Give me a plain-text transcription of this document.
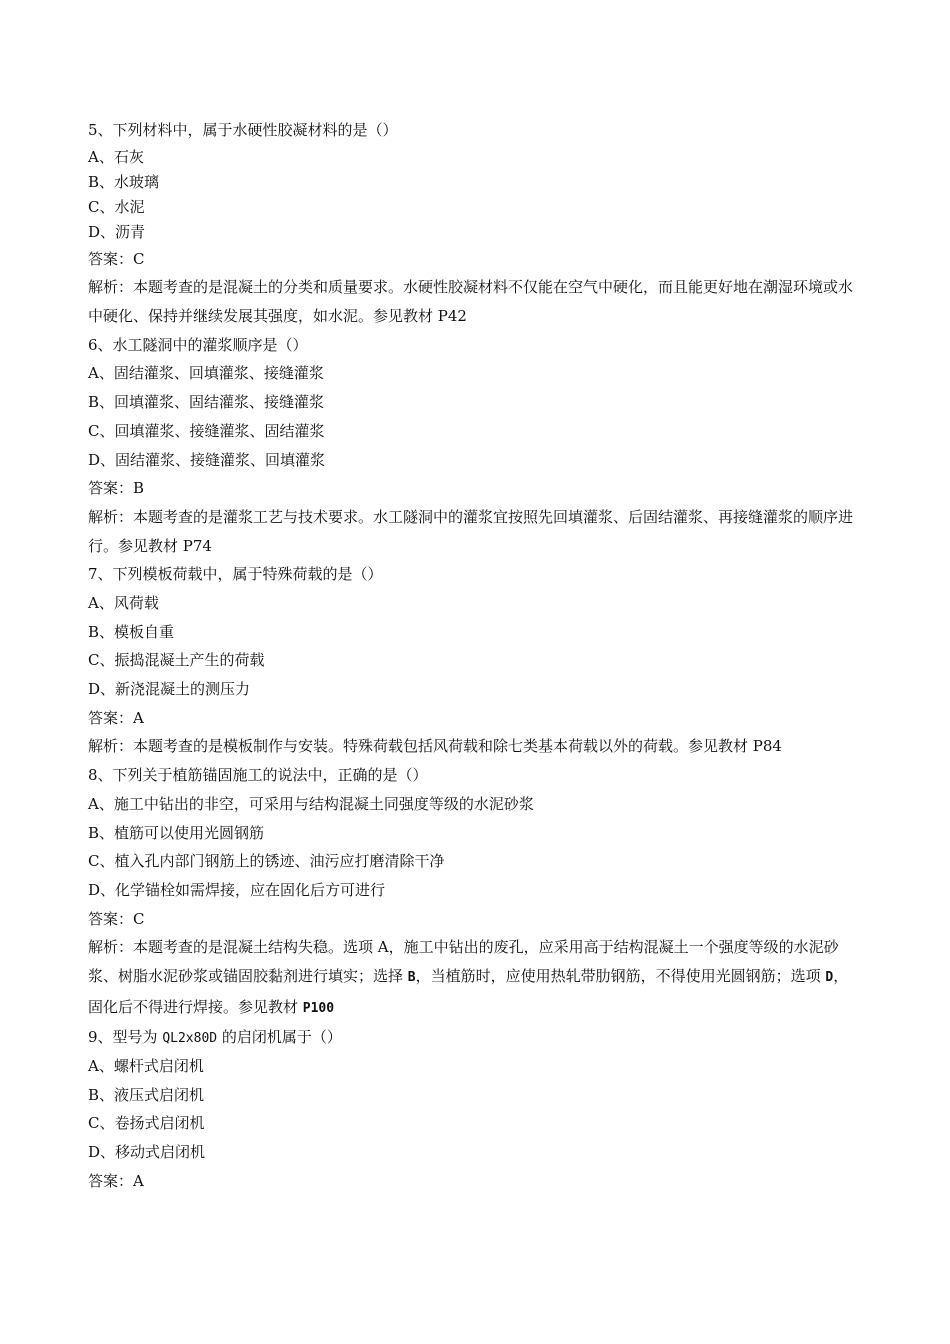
5、下列材料中，属于水硬性胶凝材料的是（）
A、石灰
B、水玻璃
C、水泥
D、沥青
答案：C
解析：本题考查的是混凝土的分类和质量要求。水硬性胶凝材料不仅能在空气中硬化，而且能更好地在潮湿环境或水中硬化、保持并继续发展其强度，如水泥。参见教材 P42
6、水工隧洞中的灌浆顺序是（）
A、固结灌浆、回填灌浆、接缝灌浆
B、回填灌浆、固结灌浆、接缝灌浆
C、回填灌浆、接缝灌浆、固结灌浆
D、固结灌浆、接缝灌浆、回填灌浆
答案：B
解析：本题考查的是灌浆工艺与技术要求。水工隧洞中的灌浆宜按照先回填灌浆、后固结灌浆、再接缝灌浆的顺序进行。参见教材 P74
7、下列模板荷载中，属于特殊荷载的是（）
A、风荷载
B、模板自重
C、振捣混凝土产生的荷载
D、新浇混凝土的测压力
答案：A
解析：本题考查的是模板制作与安装。特殊荷载包括风荷载和除七类基本荷载以外的荷载。参见教材 P84
8、下列关于植筋锚固施工的说法中，正确的是（）
A、施工中钻出的非空，可采用与结构混凝土同强度等级的水泥砂浆
B、植筋可以使用光圆钢筋
C、植入孔内部门钢筋上的锈迹、油污应打磨清除干净
D、化学锚栓如需焊接，应在固化后方可进行
答案：C
解析：本题考查的是混凝土结构失稳。选项 A，施工中钻出的废孔，应采用高于结构混凝土一个强度等级的水泥砂浆、树脂水泥砂浆或锚固胶黏剂进行填实；选择 B，当植筋时，应使用热轧带肋钢筋，不得使用光圆钢筋；选项 D，固化后不得进行焊接。参见教材 P100
9、型号为 QL2x80D 的启闭机属于（）
A、螺杆式启闭机
B、液压式启闭机
C、卷扬式启闭机
D、移动式启闭机
答案：A
